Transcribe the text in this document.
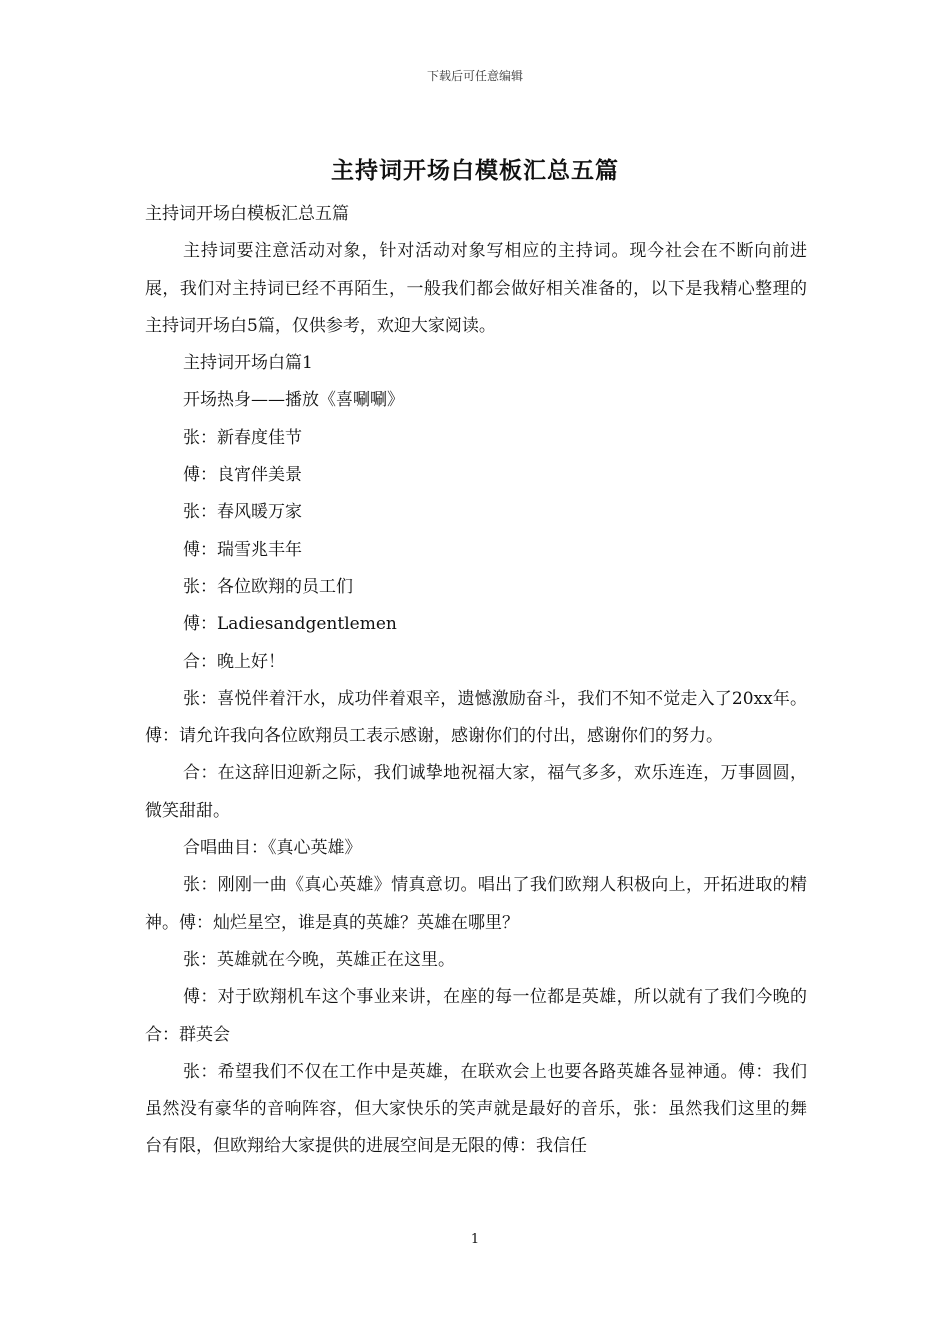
下载后可任意编辑
主持词开场白模板汇总五篇

主持词开场白模板汇总五篇

主持词要注意活动对象，针对活动对象写相应的主持词。现今社会在不断向前进展，我们对主持词已经不再陌生，一般我们都会做好相关准备的，以下是我精心整理的主持词开场白5篇，仅供参考，欢迎大家阅读。

主持词开场白篇1

开场热身——播放《喜唰唰》

张：新春度佳节

傅：良宵伴美景

张：春风暖万家

傅：瑞雪兆丰年

张：各位欧翔的员工们

傅：Ladiesandgentlemen

合：晚上好！

张：喜悦伴着汗水，成功伴着艰辛，遗憾激励奋斗，我们不知不觉走入了20xx年。傅：请允许我向各位欧翔员工表示感谢，感谢你们的付出，感谢你们的努力。

合：在这辞旧迎新之际，我们诚挚地祝福大家，福气多多，欢乐连连，万事圆圆，微笑甜甜。

合唱曲目：《真心英雄》

张：刚刚一曲《真心英雄》情真意切。唱出了我们欧翔人积极向上，开拓进取的精神。傅：灿烂星空，谁是真的英雄？英雄在哪里？

张：英雄就在今晚，英雄正在这里。

傅：对于欧翔机车这个事业来讲，在座的每一位都是英雄，所以就有了我们今晚的合：群英会

张：希望我们不仅在工作中是英雄，在联欢会上也要各路英雄各显神通。傅：我们虽然没有豪华的音响阵容，但大家快乐的笑声就是最好的音乐，张：虽然我们这里的舞台有限，但欧翔给大家提供的进展空间是无限的傅：我信任

1
